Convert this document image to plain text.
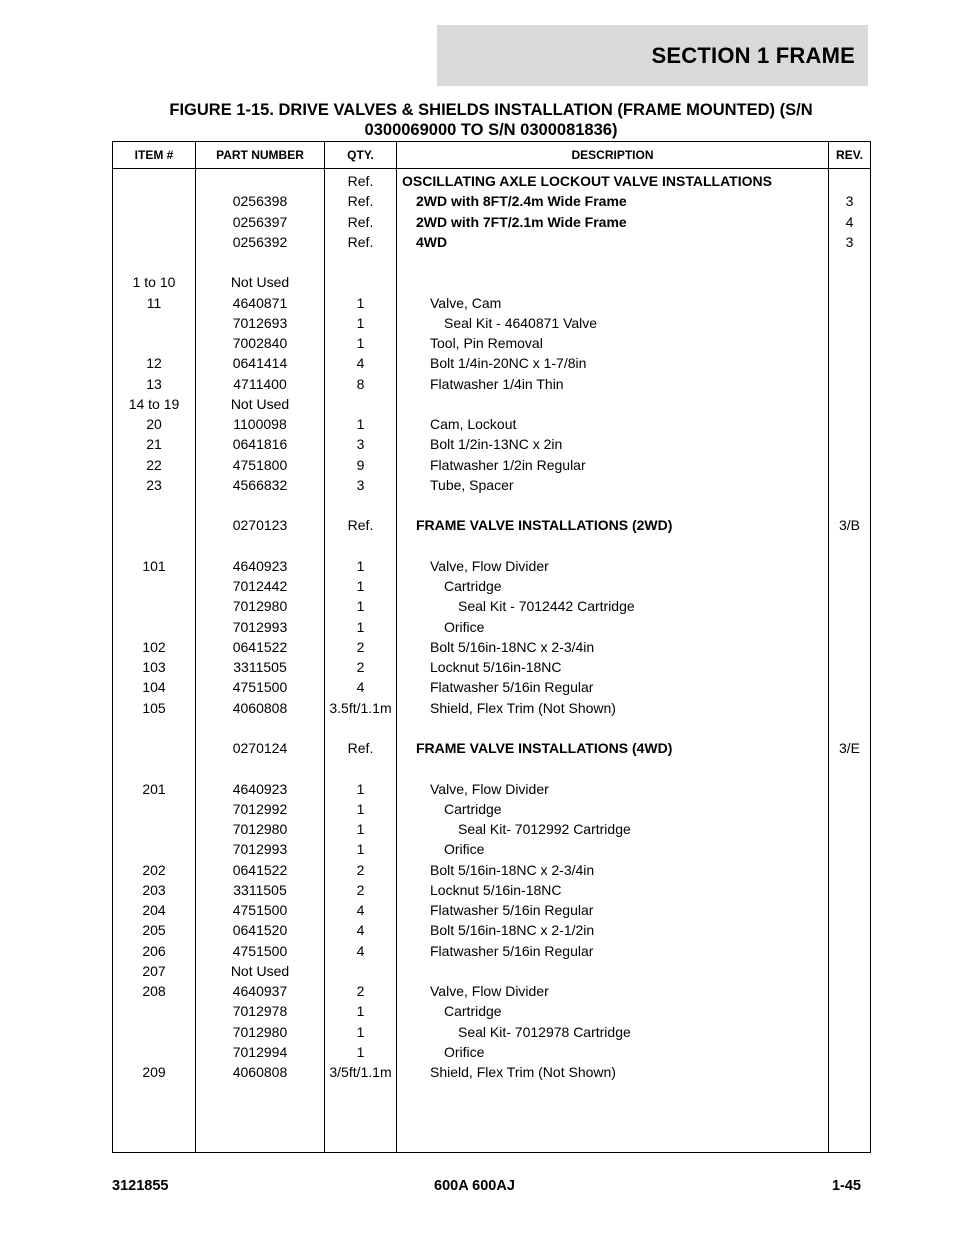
SECTION 1 FRAME
FIGURE 1-15. DRIVE VALVES & SHIELDS INSTALLATION (FRAME MOUNTED) (S/N
0300069000 TO S/N 0300081836)
ITEM #	PART NUMBER	QTY.	DESCRIPTION	REV.
		Ref.	OSCILLATING AXLE LOCKOUT VALVE INSTALLATIONS	
	0256398	Ref.	2WD with 8FT/2.4m Wide Frame	3
	0256397	Ref.	2WD with 7FT/2.1m Wide Frame	4
	0256392	Ref.	4WD	3

1 to 10	Not Used			
11	4640871	1	Valve, Cam	
	7012693	1	Seal Kit - 4640871 Valve	
	7002840	1	Tool, Pin Removal	
12	0641414	4	Bolt 1/4in-20NC x 1-7/8in	
13	4711400	8	Flatwasher 1/4in Thin	
14 to 19	Not Used			
20	1100098	1	Cam, Lockout	
21	0641816	3	Bolt 1/2in-13NC x 2in	
22	4751800	9	Flatwasher 1/2in Regular	
23	4566832	3	Tube, Spacer	

	0270123	Ref.	FRAME VALVE INSTALLATIONS (2WD)	3/B

101	4640923	1	Valve, Flow Divider	
	7012442	1	Cartridge	
	7012980	1	Seal Kit - 7012442 Cartridge	
	7012993	1	Orifice	
102	0641522	2	Bolt 5/16in-18NC x 2-3/4in	
103	3311505	2	Locknut 5/16in-18NC	
104	4751500	4	Flatwasher 5/16in Regular	
105	4060808	3.5ft/1.1m	Shield, Flex Trim (Not Shown)	

	0270124	Ref.	FRAME VALVE INSTALLATIONS (4WD)	3/E

201	4640923	1	Valve, Flow Divider	
	7012992	1	Cartridge	
	7012980	1	Seal Kit- 7012992 Cartridge	
	7012993	1	Orifice	
202	0641522	2	Bolt 5/16in-18NC x 2-3/4in	
203	3311505	2	Locknut 5/16in-18NC	
204	4751500	4	Flatwasher 5/16in Regular	
205	0641520	4	Bolt 5/16in-18NC x 2-1/2in	
206	4751500	4	Flatwasher 5/16in Regular	
207	Not Used			
208	4640937	2	Valve, Flow Divider	
	7012978	1	Cartridge	
	7012980	1	Seal Kit- 7012978 Cartridge	
	7012994	1	Orifice	
209	4060808	3/5ft/1.1m	Shield, Flex Trim (Not Shown)	

3121855	600A 600AJ	1-45
